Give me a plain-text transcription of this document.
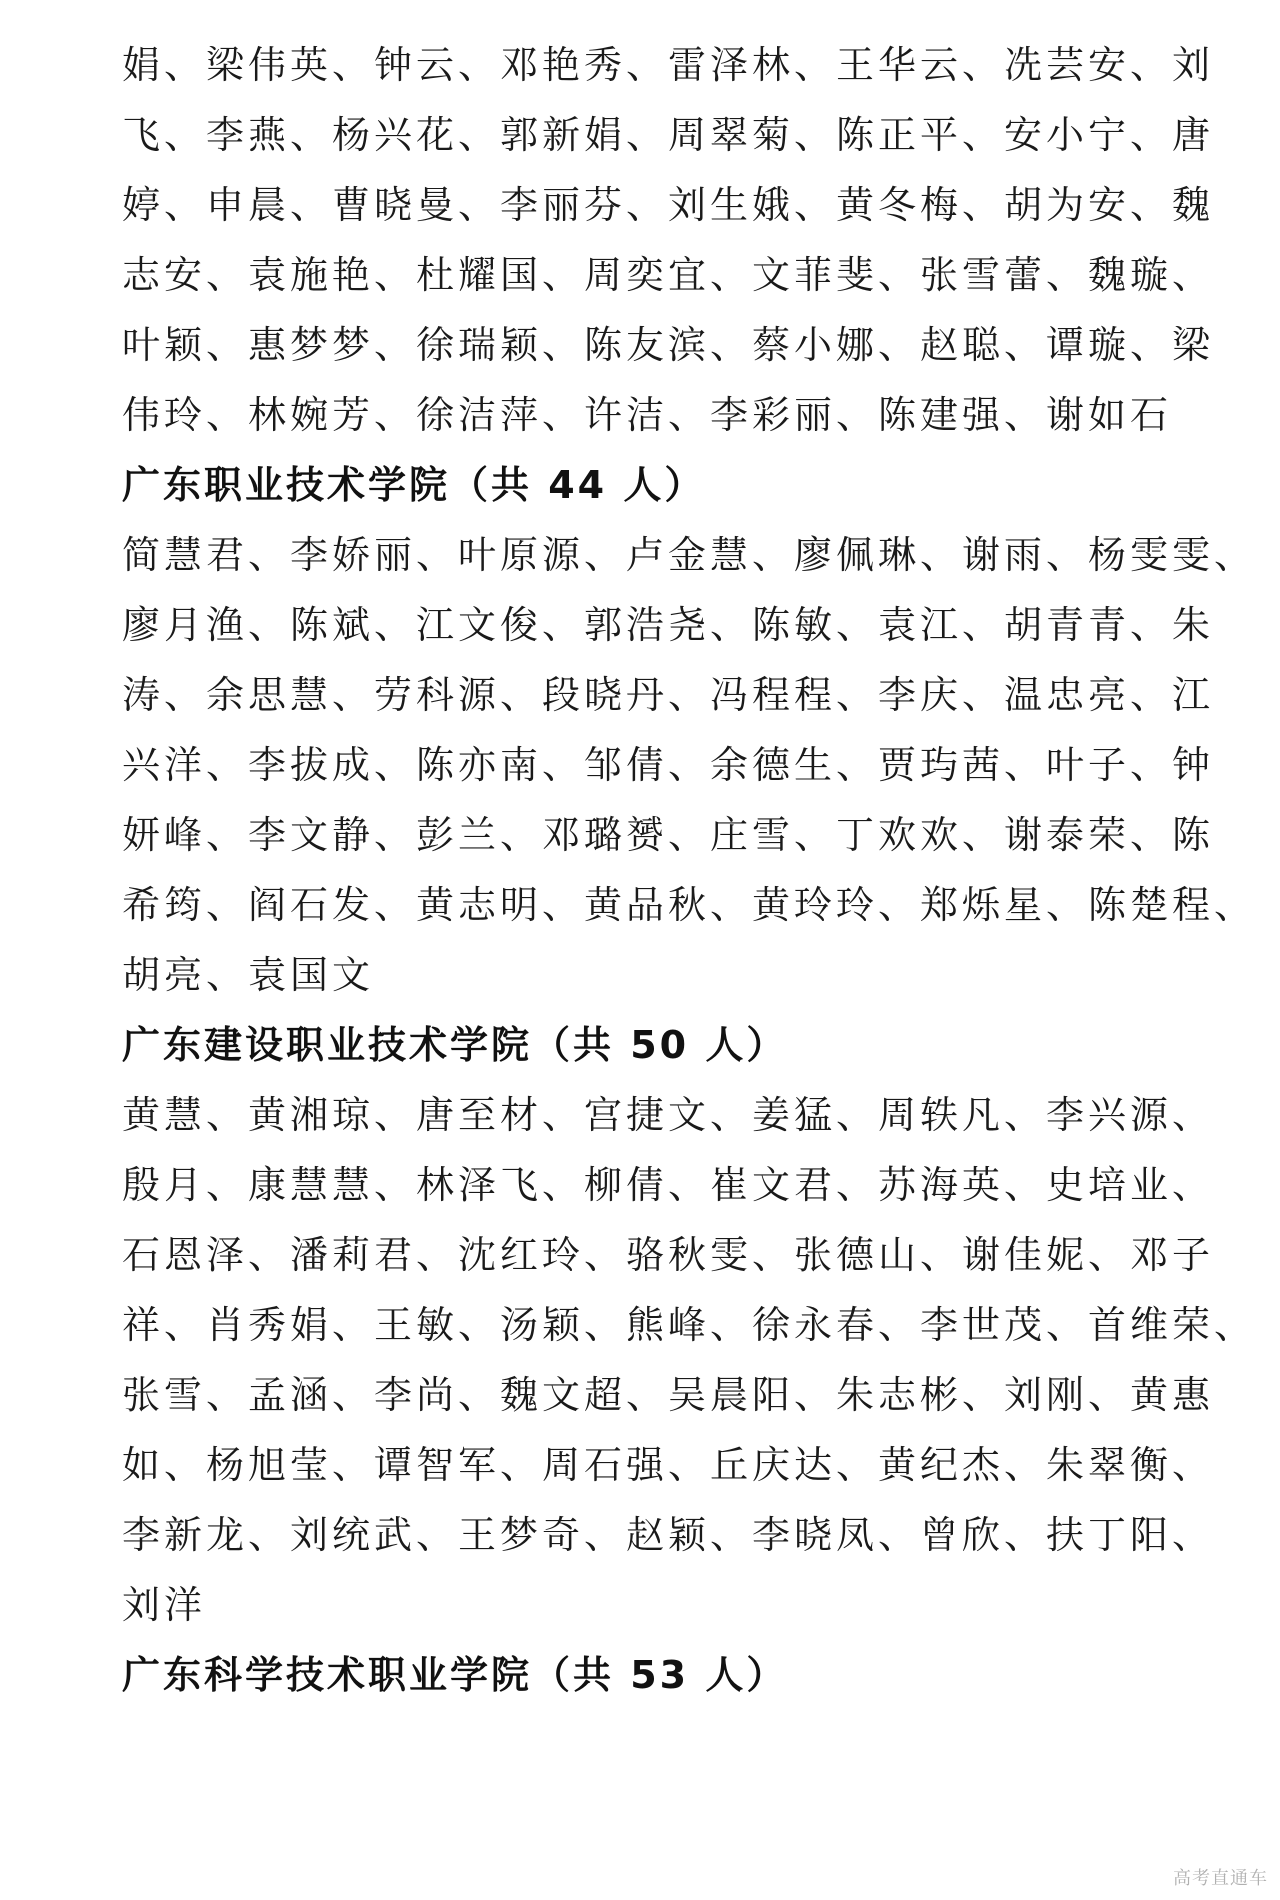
娟、梁伟英、钟云、邓艳秀、雷泽林、王华云、冼芸安、刘
飞、李燕、杨兴花、郭新娟、周翠菊、陈正平、安小宁、唐
婷、申晨、曹晓曼、李丽芬、刘生娥、黄冬梅、胡为安、魏
志安、袁施艳、杜耀国、周奕宜、文菲斐、张雪蕾、魏璇、
叶颖、惠梦梦、徐瑞颖、陈友滨、蔡小娜、赵聪、谭璇、梁
伟玲、林婉芳、徐洁萍、许洁、李彩丽、陈建强、谢如石
广东职业技术学院（共 44 人）
简慧君、李娇丽、叶原源、卢金慧、廖佩琳、谢雨、杨雯雯、
廖月渔、陈斌、江文俊、郭浩尧、陈敏、袁江、胡青青、朱
涛、余思慧、劳科源、段晓丹、冯程程、李庆、温忠亮、江
兴洋、李拔成、陈亦南、邹倩、余德生、贾玙茜、叶子、钟
妍峰、李文静、彭兰、邓璐赟、庄雪、丁欢欢、谢泰荣、陈
希筠、阎石发、黄志明、黄品秋、黄玲玲、郑烁星、陈楚程、
胡亮、袁国文
广东建设职业技术学院（共 50 人）
黄慧、黄湘琼、唐至材、宫捷文、姜猛、周轶凡、李兴源、
殷月、康慧慧、林泽飞、柳倩、崔文君、苏海英、史培业、
石恩泽、潘莉君、沈红玲、骆秋雯、张德山、谢佳妮、邓子
祥、肖秀娟、王敏、汤颖、熊峰、徐永春、李世茂、首维荣、
张雪、孟涵、李尚、魏文超、吴晨阳、朱志彬、刘刚、黄惠
如、杨旭莹、谭智军、周石强、丘庆达、黄纪杰、朱翠衡、
李新龙、刘统武、王梦奇、赵颖、李晓凤、曾欣、扶丁阳、
刘洋
广东科学技术职业学院（共 53 人）
高考直通车
